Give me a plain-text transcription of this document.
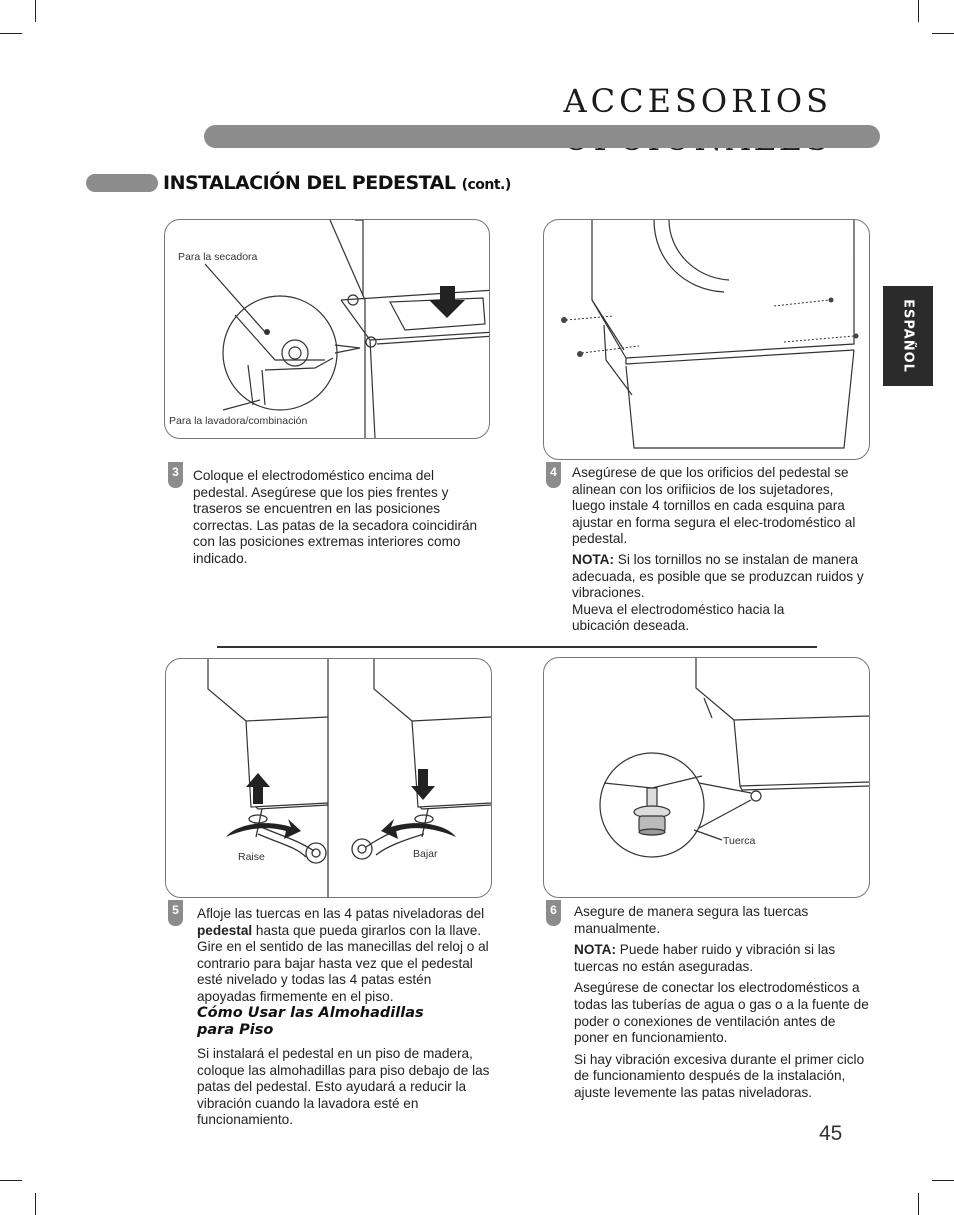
ACCESORIOS
INSTALACIÓN DEL PEDESTAL (cont.)
ESPAÑOL
Para la secadora
Para la lavadora/combinación
3	Coloque el electrodoméstico encima del pedestal. Asegúrese que los pies frentes y traseros se encuentren en las posiciones correctas. Las patas de la secadora coincidirán con las posiciones extremas interiores como indicado.
4	Asegúrese de que los orificios del pedestal se alinean con los orifiicios de los sujetadores, luego instale 4 tornillos en cada esquina para ajustar en forma segura el elec-trodoméstico al pedestal.

NOTA: Si los tornillos no se instalan de manera adecuada, es posible que se produzcan ruidos y vibraciones.

Mueva el electrodoméstico hacia la ubicación deseada.

Raise	Bajar
Tuerca
5	Afloje las tuercas en las 4 patas niveladoras del pedestal hasta que pueda girarlos con la llave. Gire en el sentido de las manecillas del reloj o al contrario para bajar hasta vez que el pedestal esté nivelado y todas las 4 patas estén apoyadas firmemente en el piso.

Cómo Usar las Almohadillas para Piso
Si instalará el pedestal en un piso de madera, coloque las almohadillas para piso debajo de las patas del pedestal. Esto ayudará a reducir la vibración cuando la lavadora esté en funcionamiento.
6	Asegure de manera segura las tuercas manualmente.

NOTA: Puede haber ruido y vibración si las tuercas no están aseguradas.

Asegúrese de conectar los electrodomésticos a todas las tuberías de agua o gas o a la fuente de poder o conexiones de ventilación antes de poner en funcionamiento.

Si hay vibración excesiva durante el primer ciclo de funcionamiento después de la instalación, ajuste levemente las patas niveladoras.

45
